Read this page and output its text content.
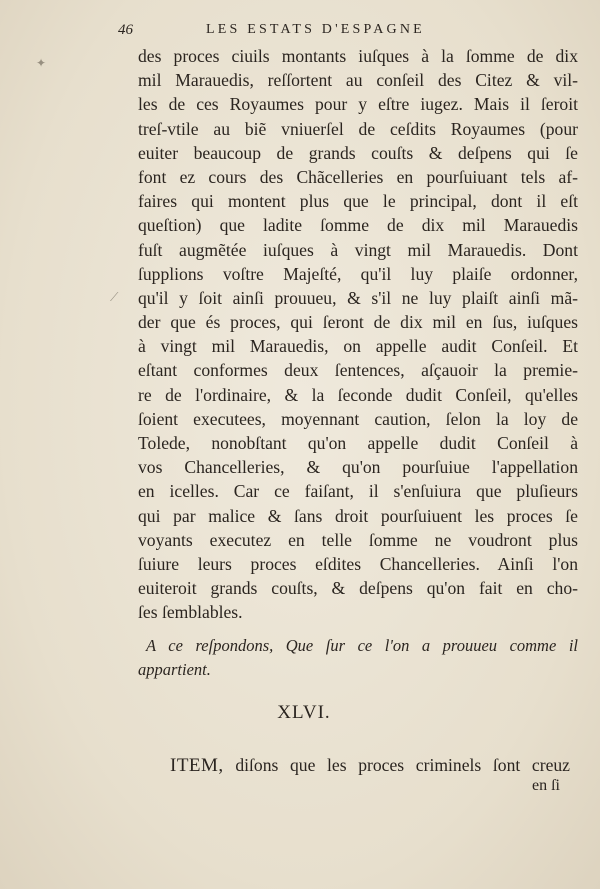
46	LES ESTATS D'ESPAGNE
✦
⟋
des proces ciuils montants iuſques à la ſomme de dix
mil Marauedis, reſſortent au conſeil des Citez & vil-
les de ces Royaumes pour y eſtre iugez. Mais il ſeroit
treſ-vtile au biẽ vniuerſel de ceſdits Royaumes (pour
euiter beaucoup de grands couſts & deſpens qui ſe
font ez cours des Chãcelleries en pourſuiuant tels af-
faires qui montent plus que le principal, dont il eſt
queſtion) que ladite ſomme de dix mil Marauedis
fuſt augmẽtée iuſques à vingt mil Marauedis. Dont
ſupplions voſtre Majeſté, qu'il luy plaiſe ordonner,
qu'il y ſoit ainſi prouueu, & s'il ne luy plaiſt ainſi mã-
der que és proces, qui ſeront de dix mil en ſus, iuſques
à vingt mil Marauedis, on appelle audit Conſeil. Et
eſtant conformes deux ſentences, aſçauoir la premie-
re de l'ordinaire, & la ſeconde dudit Conſeil, qu'elles
ſoient executees, moyennant caution, ſelon la loy de
Tolede, nonobſtant qu'on appelle dudit Conſeil à
vos Chancelleries, & qu'on pourſuiue l'appellation
en icelles. Car ce faiſant, il s'enſuiura que pluſieurs
qui par malice & ſans droit pourſuiuent les proces ſe
voyants executez en telle ſomme ne voudront plus
ſuiure leurs proces eſdites Chancelleries. Ainſi l'on
euiteroit grands couſts, & deſpens qu'on fait en cho-
ſes ſemblables.
A ce reſpondons, Que ſur ce l'on a prouueu comme il
appartient.
XLVI.
ITEM, diſons que les proces criminels ſont creuz
en ſi
